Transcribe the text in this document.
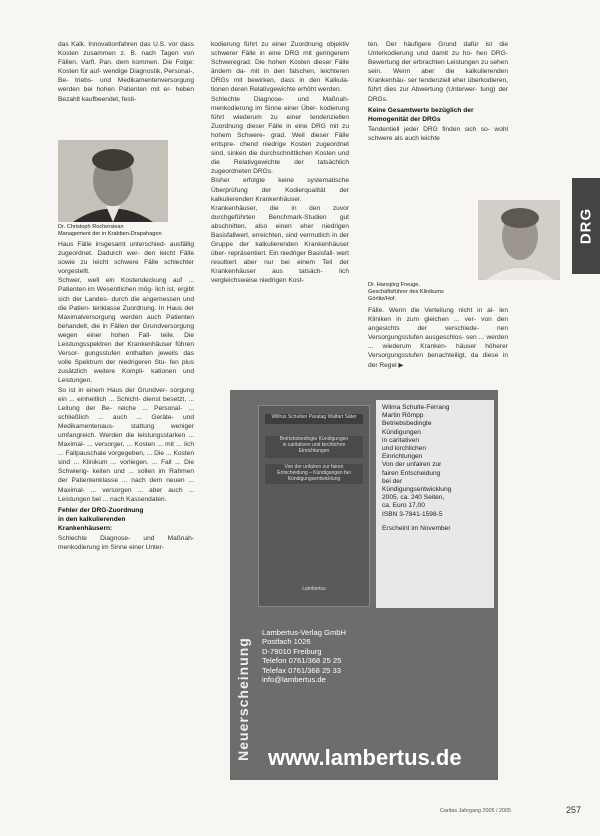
das Kalk. Innovationfahren das U.S. vor dass Kosten zusammen z. B. nach Tagen von Fällen. Varfl. Pan. dem kommen. Die Folge: Kosten für auf- wendige Diagnostik, Personal-, Be- triebs- und Medikamentenversorgung werden bei hohen Patienten mit er- heben Bezahlt kaufbeendet, festi-

Dr. Christoph Rochersiean
Management der in Krabben-Drapahagen

Haus Fälle insgesamt unterschied- ausfällig zugeordnet. Dadurch wer- den leicht Fälle sowie zu leicht schwere Fälle schlechter vorgestellt.
Schwer, well ein Kostendeckung auf ... Patienten im Wesentlichen mög- lich ist, ergibt sich der Landes- durch die angemessen und die Patien- tenklasse Zuordnung. In Haus der Maximalversorgung werden auch Patienten behandelt, die in Fällen der Grundversorgung wegen einer hohen Fall- teile. Die Leistungsspektren der Krankenhäuser führen Versor- gungsstufen enthalten jeweils das volle Spektrum der niedrigeren Stu- fen plus zusätzlich weitere Kompli- kationen und Leistungen.
So ist in einem Haus der Grundver- sorgung ein ... einheitlich ... Schicht- dienst besetzt, ... Leitung der Be- reiche ... Personal- ... schließlich ... auch ... Geräte- und Medikamentenaus- stattung weniger umfangreich. Werden die leistungsstarken ... Maximal- ... versorger, ... Kosten ... mit ... lich ... Fallpauschale vorgegeben, ... Die ... Kosten sind ... Klinikum ... vorliegen. ... Fall ... Die Schwierig- keiten und ... sollen im Rahmen der Patientenklasse ... nach dem neuen ... Maximal- ... versorgen ... aber auch ... Leistungen bei ... nach Kassendaten.

Fehler der DRG-Zuordnung
in den kalkulierenden
Krankenhäusern:

Schlechte Diagnose- und Maßnah- menkodierung im Sinne einer Unter-

kodierung führt zu einer Zuordnung objektiv schwerer Fälle in eine DRG mit geringerem Schweregrad. Die hohen Kosten dieser Fälle ändern da- mit in den falschen, leichteren DRGs mit bewirken, dass in den Kalkula- tionen deren Relativgewichte erhöht werden.
Schlechte Diagnose- und Maßnah- menkodierung im Sinne einer Über- kodierung führt wiederum zu einer tendenziellen Zuordnung dieser Fälle in eine DRG mit zu hohem Schwere- grad. Weil dieser Fälle entspre- chend niedrige Kosten zugeordnet sind, sinken die durchschnittlichen Kosten und die Relativgewichte der tatsächlich zugeordneten DRGs.
Bisher erfolgte keine systematische Überprüfung der Kodierqualität der kalkulierenden Krankenhäuser.
Krankenhäuser, die in den zuvor durchgeführten Benchmark-Studien gut abschnitten, also einen eher niedrigen Basisfallwert, erreichten, sind vermutlich in der Gruppe der kalkulierenden Krankenhäuser über- repräsentiert. Ein niedriger Basisfall- wert resultiert aber nur bei einem Teil der Krankenhäuser aus tatsäch- lich vergleichsweise niedrigen Kost-

ten. Der häufigere Grund dafür ist die Unterkodierung und damit zu ho- hen DRG-Bewertung der erbrachten Leistungen zu sehen sein. Wenn aber die kalkulierenden Krankenhäu- ser tendenziell eher überkodieren, führt dies zur Abwertung (Unterwer- tung) der DRGs.

Keine Gesamtwerte bezüglich der
Homogenität der DRGs

Tendentiell jeder DRG finden sich so- wohl schwere als auch leichte

Dr. Hansjörg Freuge,
Geschäftsführer des Klinikums
Görlitz/Hof.

Fälle. Wenn die Verteilung nicht in al- len Kliniken in zum gleichen ... ver- von den angesichts der verschiede- nen Versorgungsstufen ausgeschlos- sen ... werden ... wiederum Kranken- häuser höherer Versorgungsstufen benachteiligt, da diese in der Regel ▶

DRG
Willrus Schulten Paratag Walfart Säter
Betriebsbedingte Kündigungen
in caritativen und kirchlichen
Einrichtungen
Von der unfairen zur fairen
Entscheidung – Kündigungen bei
Kündigungsentwicklung
Lambertus

Wilma Schulte-Ferrang
Martin Römpp
Betriebsbedingte
Kündigungen
in caritativen
und kirchlichen
Einrichtungen
Von der unfairen zur
fairen Entscheidung
bei der
Kündigungsentwicklung
2005, ca. 240 Seiten,
ca. Euro 17,00
ISBN 3-7841-1598-5

Erscheint im November

Neuerscheinung
Lambertus-Verlag GmbH
Postfach 1026
D-79010 Freiburg
Telefon 0761/368 25 25
Telefax 0761/368 25 33
info@lambertus.de
www.lambertus.de
Caritas Jahrgang 2005 / 2005	257
